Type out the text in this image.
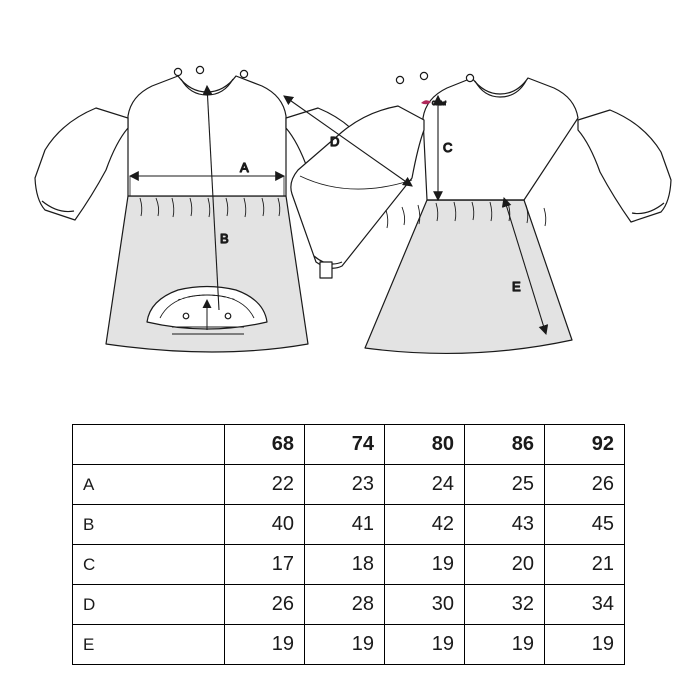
A
B
Chillef
C
D
E
	68	74	80	86	92
A	22	23	24	25	26
B	40	41	42	43	45
C	17	18	19	20	21
D	26	28	30	32	34
E	19	19	19	19	19
